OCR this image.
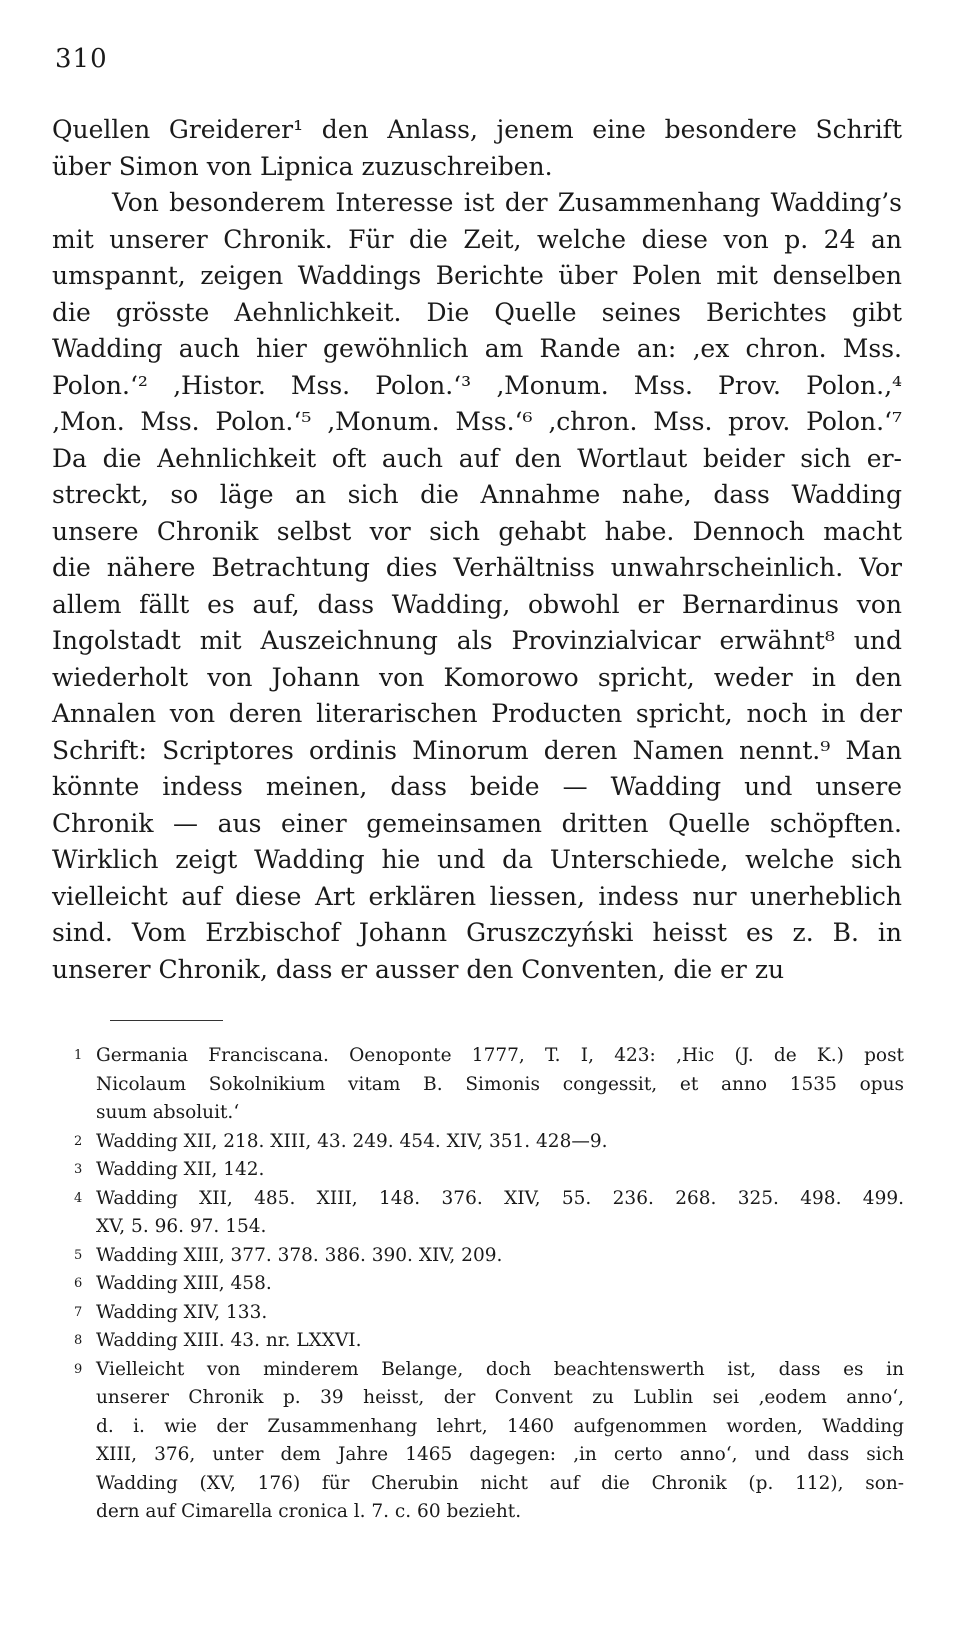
310
Quellen Greiderer¹ den Anlass, jenem eine besondere Schrift
über Simon von Lipnica zuzuschreiben.
Von besonderem Interesse ist der Zusammenhang Wadding’s
mit unserer Chronik. Für die Zeit, welche diese von p. 24 an
umspannt, zeigen Waddings Berichte über Polen mit denselben
die grösste Aehnlichkeit. Die Quelle seines Berichtes gibt
Wadding auch hier gewöhnlich am Rande an: ‚ex chron. Mss.
Polon.‘² ‚Histor. Mss. Polon.‘³ ‚Monum. Mss. Prov. Polon.‚⁴
‚Mon. Mss. Polon.‘⁵ ‚Monum. Mss.‘⁶ ‚chron. Mss. prov. Polon.‘⁷
Da die Aehnlichkeit oft auch auf den Wortlaut beider sich er-
streckt, so läge an sich die Annahme nahe, dass Wadding
unsere Chronik selbst vor sich gehabt habe. Dennoch macht
die nähere Betrachtung dies Verhältniss unwahrscheinlich. Vor
allem fällt es auf, dass Wadding, obwohl er Bernardinus von
Ingolstadt mit Auszeichnung als Provinzialvicar erwähnt⁸ und
wiederholt von Johann von Komorowo spricht, weder in den
Annalen von deren literarischen Producten spricht, noch in der
Schrift: Scriptores ordinis Minorum deren Namen nennt.⁹ Man
könnte indess meinen, dass beide — Wadding und unsere
Chronik — aus einer gemeinsamen dritten Quelle schöpften.
Wirklich zeigt Wadding hie und da Unterschiede, welche sich
vielleicht auf diese Art erklären liessen, indess nur unerheblich
sind. Vom Erzbischof Johann Gruszczyński heisst es z. B. in
unserer Chronik, dass er ausser den Conventen, die er zu
1 Germania Franciscana. Oenoponte 1777, T. I, 423: ‚Hic (J. de K.) post
Nicolaum Sokolnikium vitam B. Simonis congessit, et anno 1535 opus
suum absoluit.‘
2 Wadding XII, 218. XIII, 43. 249. 454. XIV, 351. 428—9.
3 Wadding XII, 142.
4 Wadding XII, 485. XIII, 148. 376. XIV, 55. 236. 268. 325. 498. 499.
XV, 5. 96. 97. 154.
5 Wadding XIII, 377. 378. 386. 390. XIV, 209.
6 Wadding XIII, 458.
7 Wadding XIV, 133.
8 Wadding XIII. 43. nr. LXXVI.
9 Vielleicht von minderem Belange, doch beachtenswerth ist, dass es in
unserer Chronik p. 39 heisst, der Convent zu Lublin sei ‚eodem anno‘,
d. i. wie der Zusammenhang lehrt, 1460 aufgenommen worden, Wadding
XIII, 376, unter dem Jahre 1465 dagegen: ‚in certo anno‘, und dass sich
Wadding (XV, 176) für Cherubin nicht auf die Chronik (p. 112), son-
dern auf Cimarella cronica l. 7. c. 60 bezieht.
